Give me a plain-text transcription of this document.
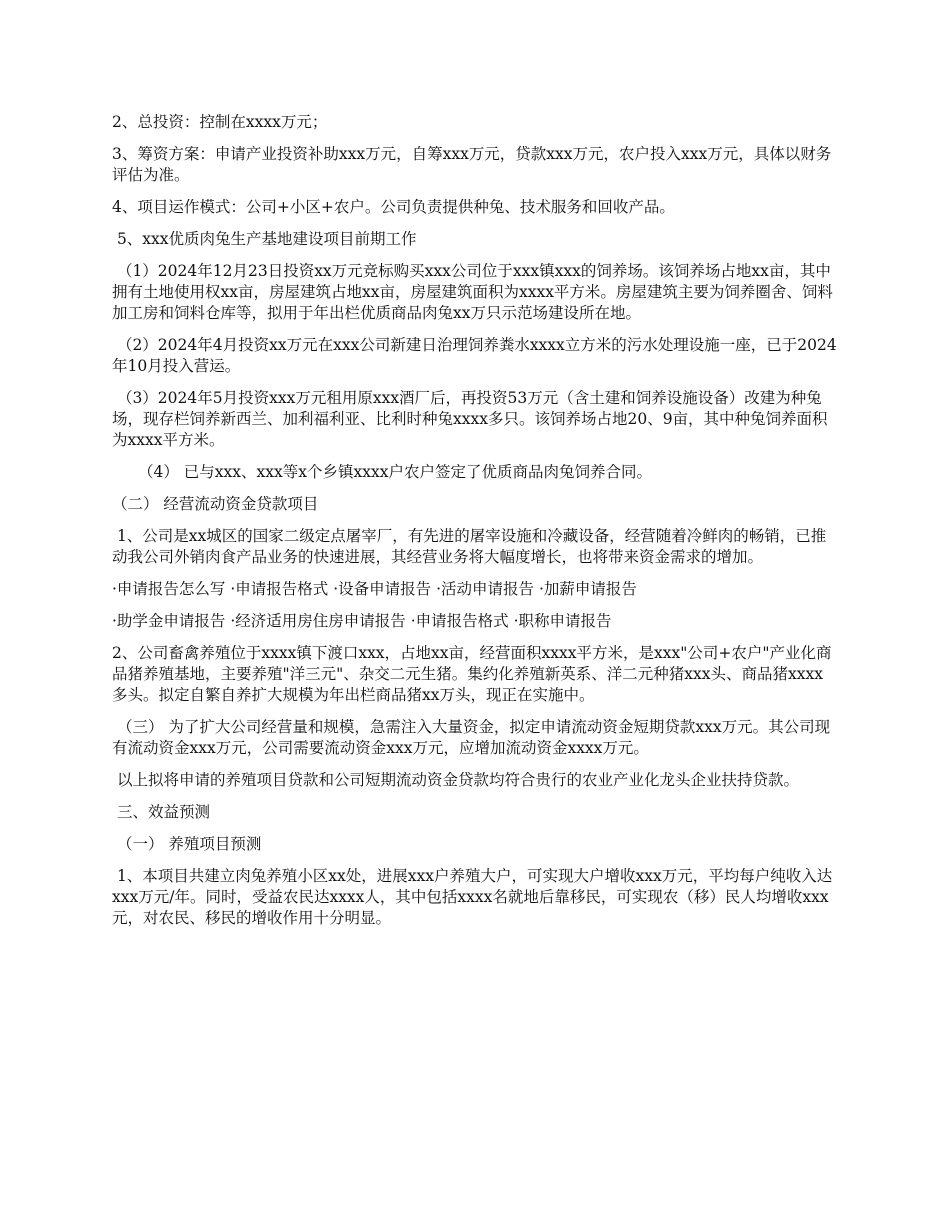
2、总投资：控制在xxxx万元；

3、筹资方案：申请产业投资补助xxx万元，自筹xxx万元，贷款xxx万元，农户投入xxx万元，具体以财务评估为准。

4、项目运作模式：公司+小区+农户。公司负责提供种兔、技术服务和回收产品。

5、xxx优质肉兔生产基地建设项目前期工作

（1）2024年12月23日投资xx万元竞标购买xxx公司位于xxx镇xxx的饲养场。该饲养场占地xx亩，其中拥有土地使用权xx亩，房屋建筑占地xx亩，房屋建筑面积为xxxx平方米。房屋建筑主要为饲养圈舍、饲料加工房和饲料仓库等，拟用于年出栏优质商品肉兔xx万只示范场建设所在地。

（2）2024年4月投资xx万元在xxx公司新建日治理饲养粪水xxxx立方米的污水处理设施一座，已于2024年10月投入营运。

（3）2024年5月投资xxx万元租用原xxx酒厂后，再投资53万元（含土建和饲养设施设备）改建为种兔场，现存栏饲养新西兰、加利福利亚、比利时种兔xxxx多只。该饲养场占地20、9亩，其中种兔饲养面积为xxxx平方米。

（4） 已与xxx、xxx等x个乡镇xxxx户农户签定了优质商品肉兔饲养合同。

（二） 经营流动资金贷款项目

1、公司是xx城区的国家二级定点屠宰厂，有先进的屠宰设施和冷藏设备，经营随着冷鲜肉的畅销，已推动我公司外销肉食产品业务的快速进展，其经营业务将大幅度增长，也将带来资金需求的增加。

·申请报告怎么写 ·申请报告格式 ·设备申请报告 ·活动申请报告 ·加薪申请报告
·助学金申请报告 ·经济适用房住房申请报告 ·申请报告格式 ·职称申请报告

2、公司畜禽养殖位于xxxx镇下渡口xxx，占地xx亩，经营面积xxxx平方米，是xxx"公司+农户"产业化商品猪养殖基地，主要养殖"洋三元"、杂交二元生猪。集约化养殖新英系、洋二元种猪xxx头、商品猪xxxx多头。拟定自繁自养扩大规模为年出栏商品猪xx万头，现正在实施中。

（三） 为了扩大公司经营量和规模，急需注入大量资金，拟定申请流动资金短期贷款xxx万元。其公司现有流动资金xxx万元，公司需要流动资金xxx万元，应增加流动资金xxxx万元。

以上拟将申请的养殖项目贷款和公司短期流动资金贷款均符合贵行的农业产业化龙头企业扶持贷款。

三、效益预测

（一） 养殖项目预测

1、本项目共建立肉兔养殖小区xx处，进展xxx户养殖大户，可实现大户增收xxx万元，平均每户纯收入达xxx万元/年。同时，受益农民达xxxx人，其中包括xxxx名就地后靠移民，可实现农（移）民人均增收xxx元，对农民、移民的增收作用十分明显。
